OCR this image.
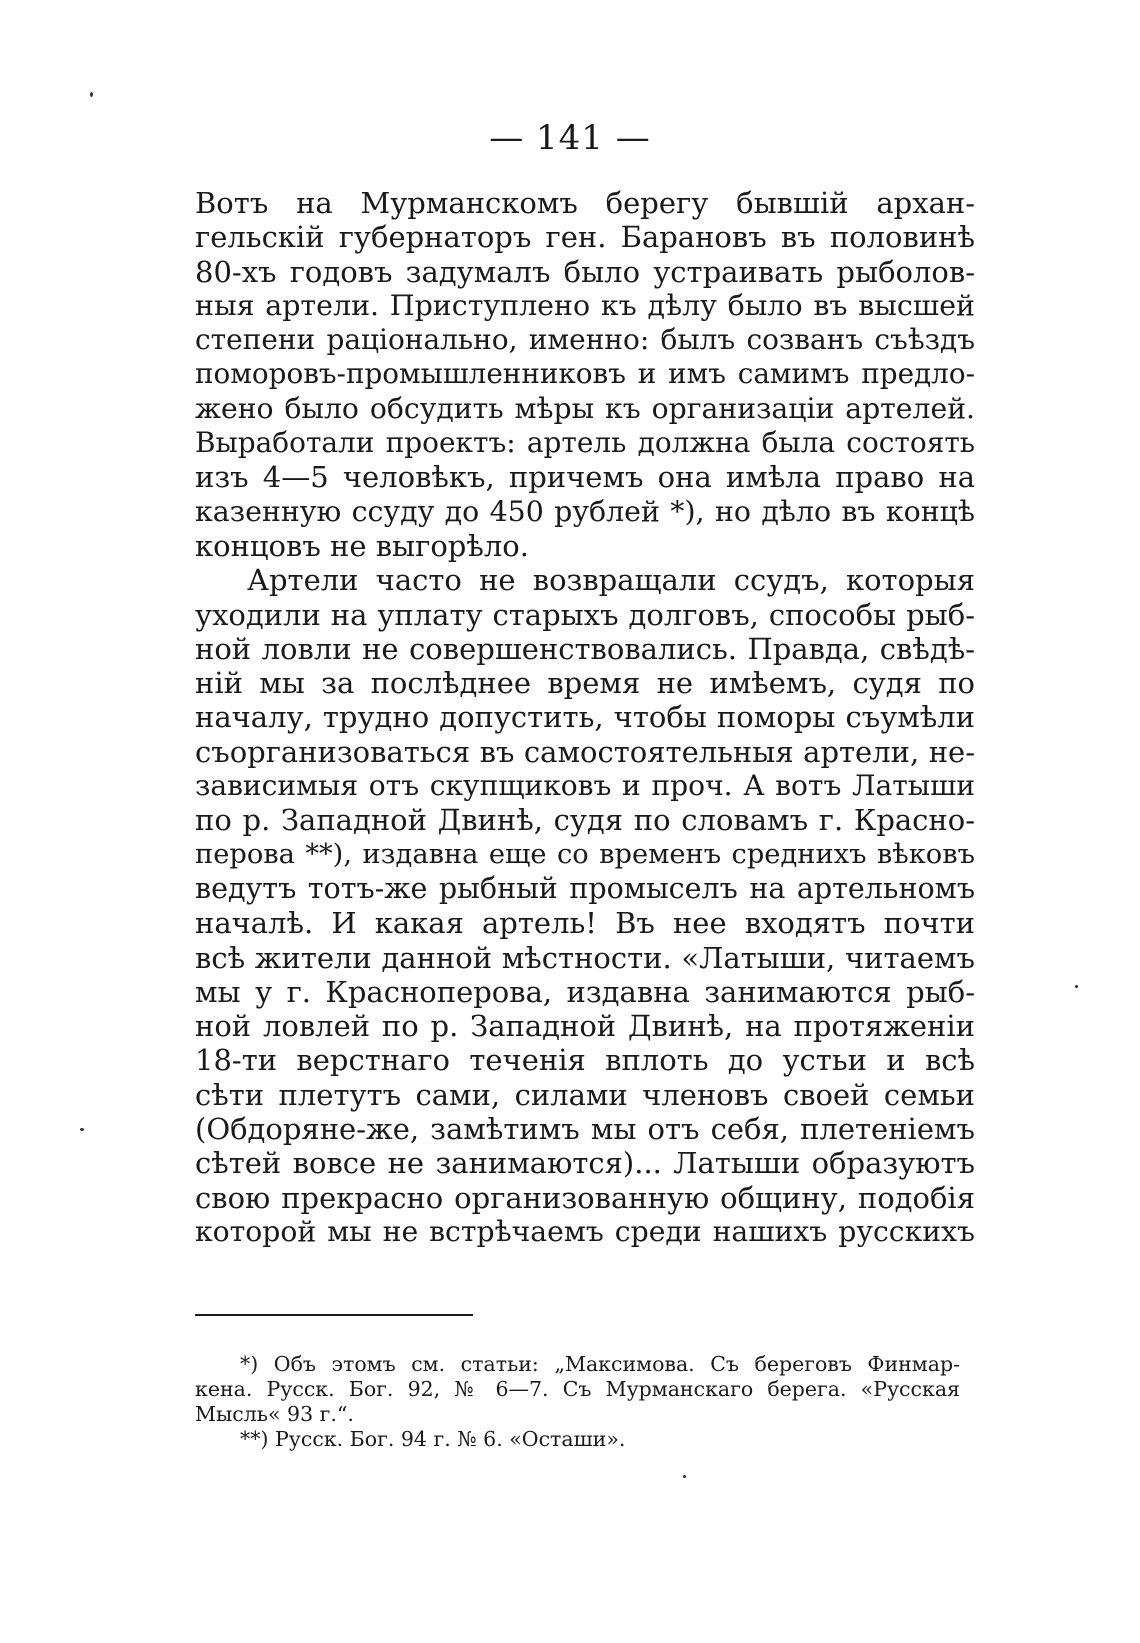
— 141 —
Вотъ на Мурманскомъ берегу бывшій архан-
гельскій губернаторъ ген. Барановъ въ половинѣ
80-хъ годовъ задумалъ было устраивать рыболов-
ныя артели. Приступлено къ дѣлу было въ высшей
степени раціонально, именно: былъ созванъ съѣздъ
поморовъ-промышленниковъ и имъ самимъ предло-
жено было обсудить мѣры къ организаціи артелей.
Выработали проектъ: артель должна была состоять
изъ 4—5 человѣкъ, причемъ она имѣла право на
казенную ссуду до 450 рублей *), но дѣло въ концѣ
концовъ не выгорѣло.
Артели часто не возвращали ссудъ, которыя
уходили на уплату старыхъ долговъ, способы рыб-
ной ловли не совершенствовались. Правда, свѣдѣ-
ній мы за послѣднее время не имѣемъ, судя по
началу, трудно допустить, чтобы поморы съумѣли
съорганизоваться въ самостоятельныя артели, не-
зависимыя отъ скупщиковъ и проч. А вотъ Латыши
по р. Западной Двинѣ, судя по словамъ г. Красно-
перова **), издавна еще со временъ среднихъ вѣковъ
ведутъ тотъ-же рыбный промыселъ на артельномъ
началѣ. И какая артель! Въ нее входятъ почти
всѣ жители данной мѣстности. «Латыши, читаемъ
мы у г. Красноперова, издавна занимаются рыб-
ной ловлей по р. Западной Двинѣ, на протяженіи
18-ти верстнаго теченія вплоть до устьи и всѣ
сѣти плетутъ сами, силами членовъ своей семьи
(Обдоряне-же, замѣтимъ мы отъ себя, плетеніемъ
сѣтей вовсе не занимаются)... Латыши образуютъ
свою прекрасно организованную общину, подобія
которой мы не встрѣчаемъ среди нашихъ русскихъ
*) Объ этомъ см. статьи: „Максимова. Съ береговъ Финмар-
кена. Русск. Бог. 92, № 6—7. Съ Мурманскаго берега. «Русская
Мысль« 93 г.“.
**) Русск. Бог. 94 г. № 6. «Осташи».
